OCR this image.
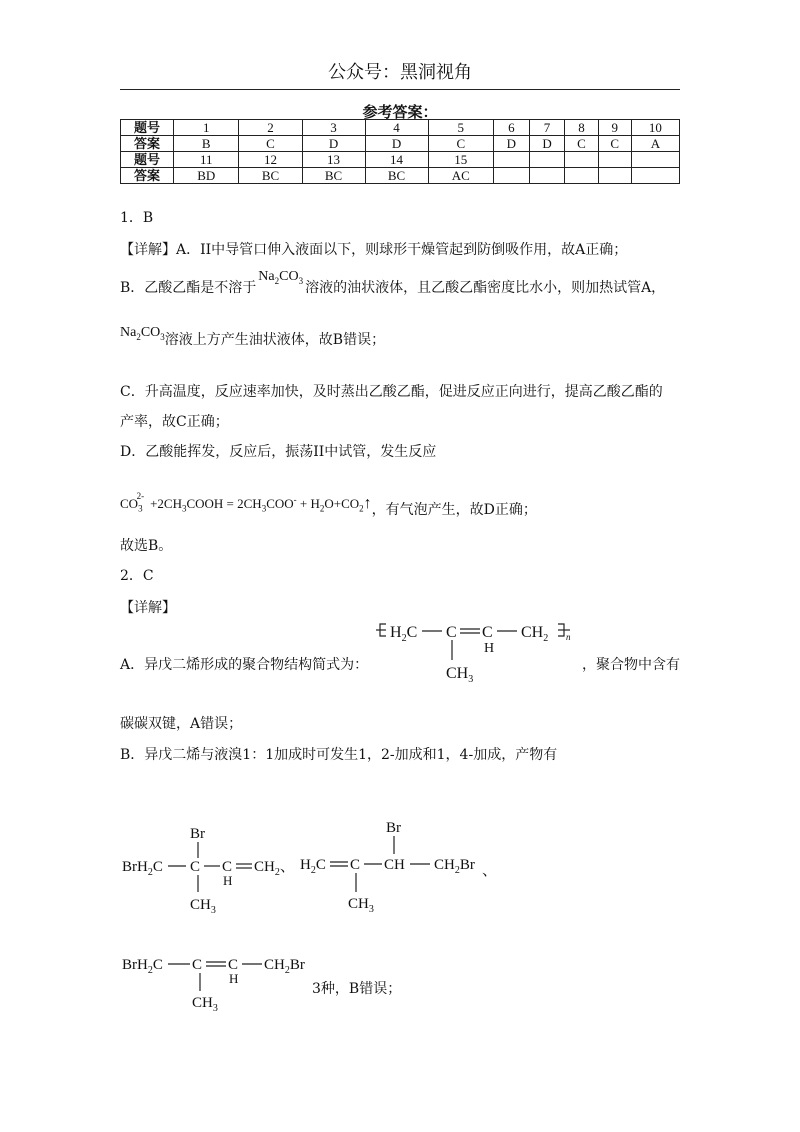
公众号：黑洞视角
参考答案：
题号	1	2	3	4	5	6	7	8	9	10
答案	B	C	D	D	C	D	D	C	C	A
题号	11	12	13	14	15					
答案	BD	BC	BC	BC	AC					
1．B
【详解】A．II中导管口伸入液面以下，则球形干燥管起到防倒吸作用，故A正确；
B．乙酸乙酯是不溶于$Na_2CO_3$ 溶液的油状液体，且乙酸乙酯密度比水小，则加热试管A，
$Na_2CO_3$溶液上方产生油状液体，故B错误；
C．升高温度，反应速率加快，及时蒸出乙酸乙酯，促进反应正向进行，提高乙酸乙酯的
产率，故C正确；
D．乙酸能挥发，反应后，振荡II中试管，发生反应
$CO_3^{2-}+2CH_3COOH = 2CH_3COO^-$ + $H_2O+CO_2↑$，有气泡产生，故D正确；
故选B。
2．C
【详解】
A．异戊二烯形成的聚合物结构简式为：
$H_2C$ C C
H
$CH_2$ n
$CH_3$
，聚合物中含有
碳碳双键，A错误；
B．异戊二烯与液溴1：1加成时可发生1，2-加成和1，4-加成，产物有
Br
BrH$_2$C C C
H
$CH_2$、
$CH_3$
Br
$H_2C$ C CH $CH_2Br$ 、
$CH_3$
BrH$_2$C C C
H
$CH_2Br$
$CH_3$
3种，B错误；
